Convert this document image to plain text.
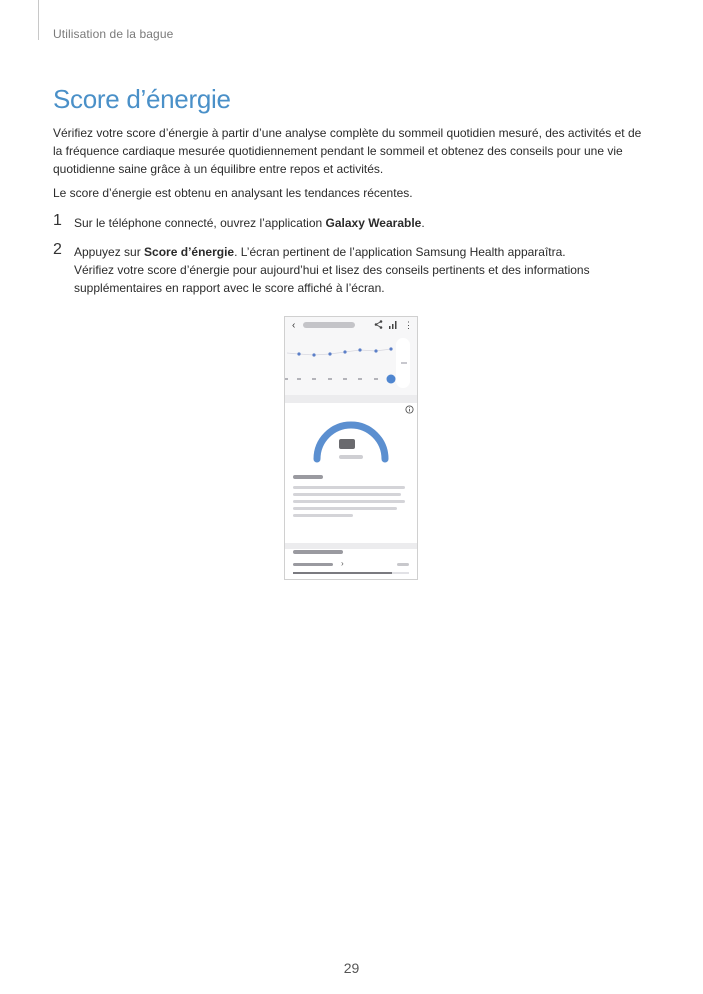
Utilisation de la bague
Score d’énergie

Vérifiez votre score d’énergie à partir d’une analyse complète du sommeil quotidien mesuré, des activités et de la fréquence cardiaque mesurée quotidiennement pendant le sommeil et obtenez des conseils pour une vie quotidienne saine grâce à un équilibre entre repos et activités.

Le score d’énergie est obtenu en analysant les tendances récentes.

1 Sur le téléphone connecté, ouvrez l’application Galaxy Wearable.
2 Appuyez sur Score d’énergie. L’écran pertinent de l’application Samsung Health apparaîtra.
Vérifiez votre score d’énergie pour aujourd’hui et lisez des conseils pertinents et des informations supplémentaires en rapport avec le score affiché à l’écran.
‹	⋮
›
29
